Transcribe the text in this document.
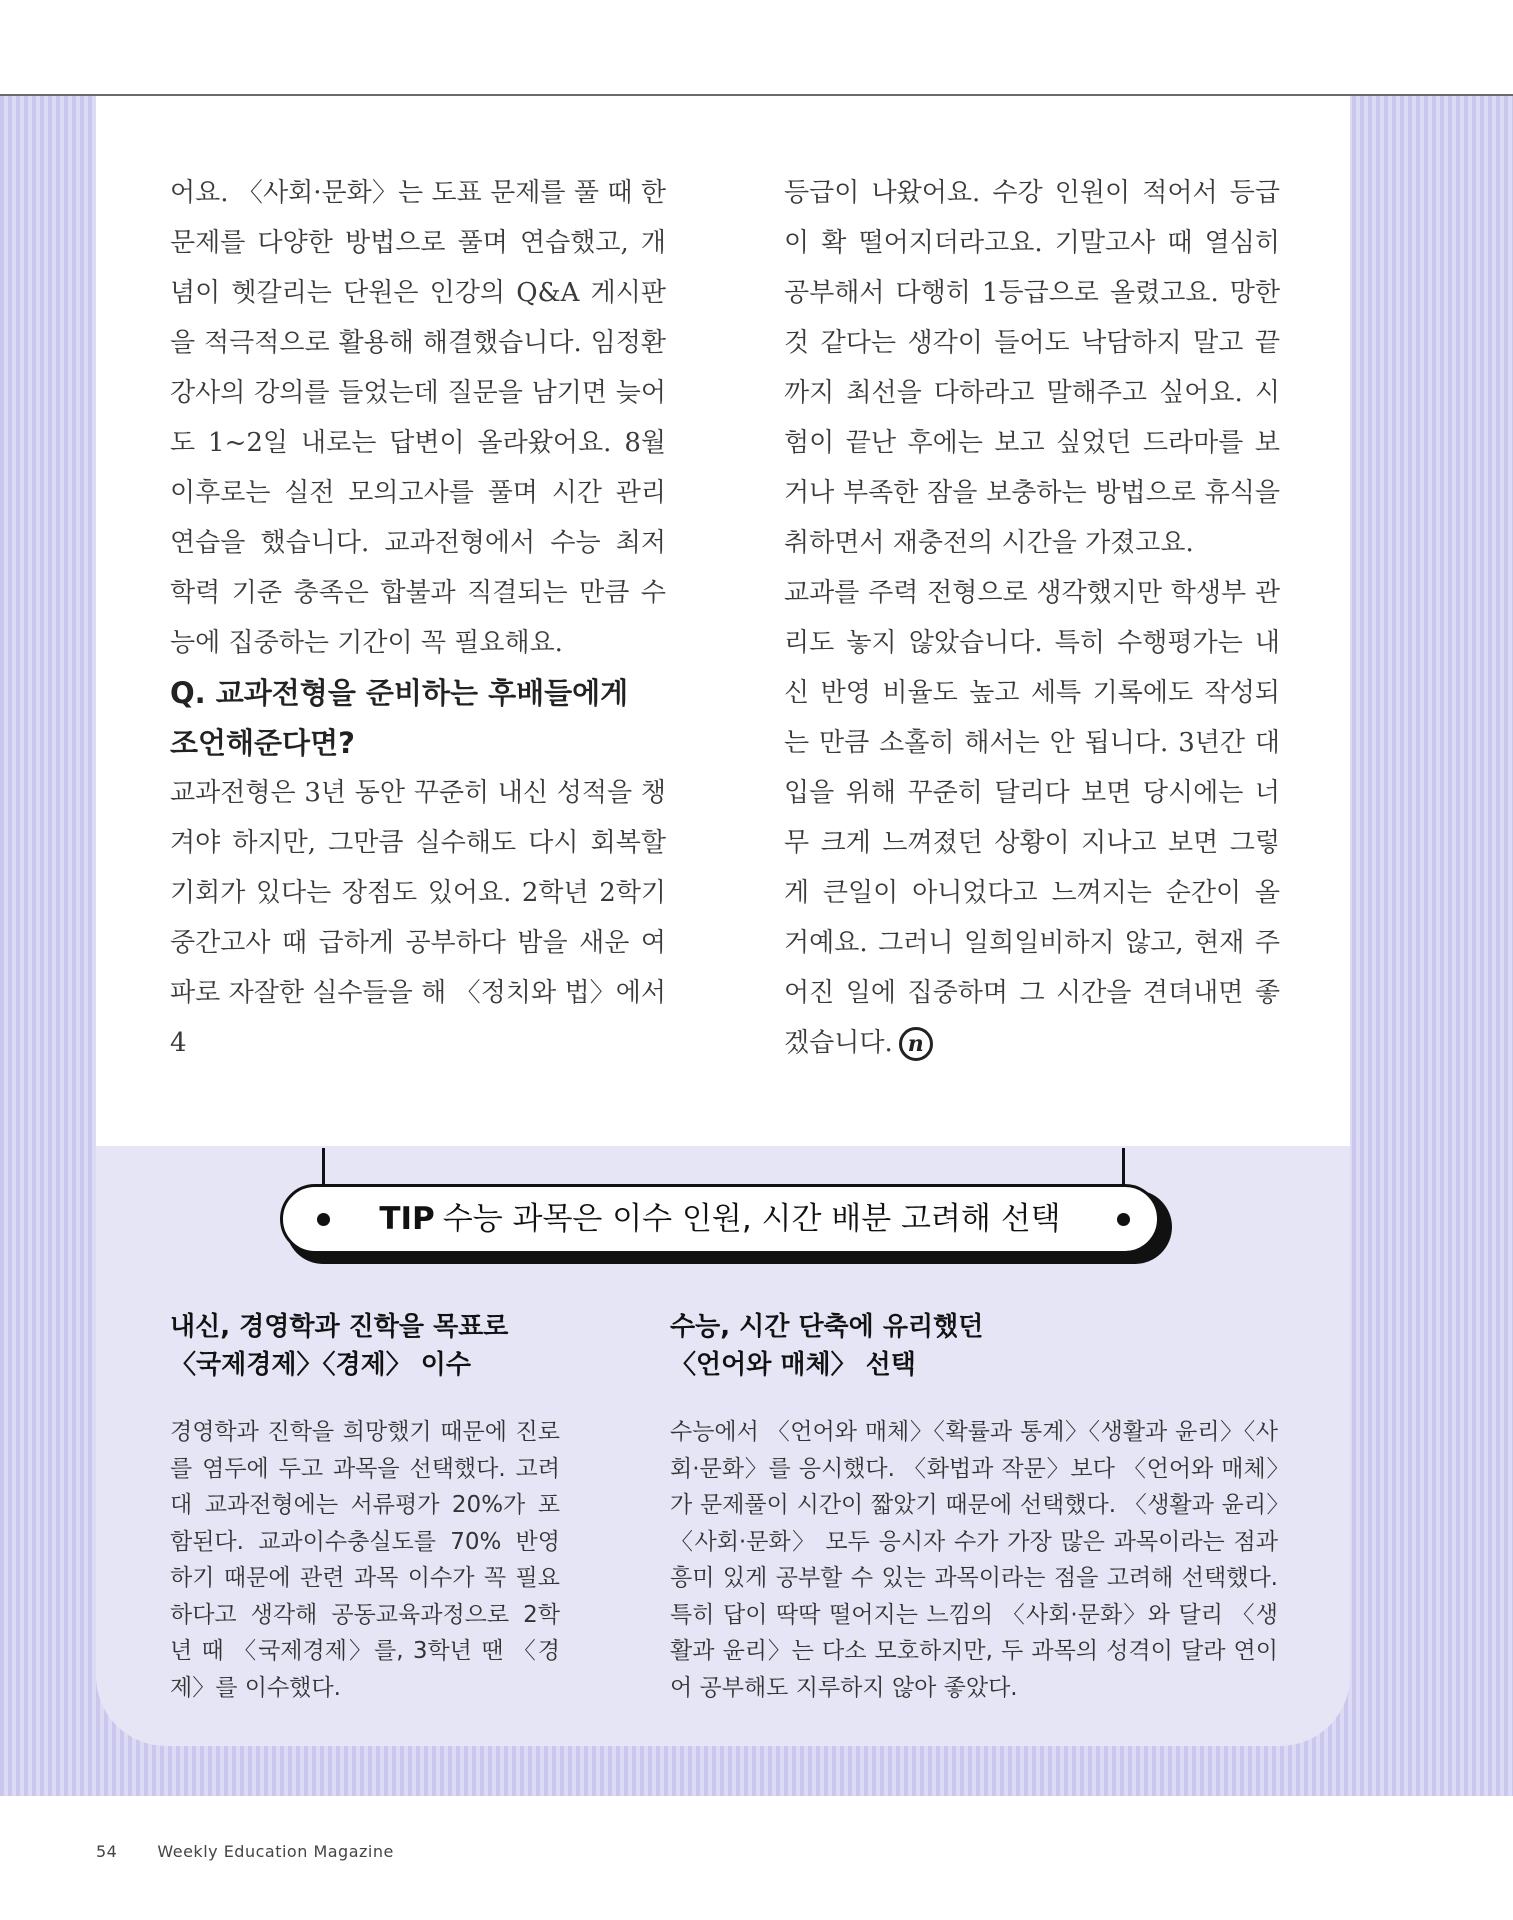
어요. 〈사회·문화〉는 도표 문제를 풀 때 한 문제를 다양한 방법으로 풀며 연습했고, 개념이 헷갈리는 단원은 인강의 Q&A 게시판을 적극적으로 활용해 해결했습니다. 임정환 강사의 강의를 들었는데 질문을 남기면 늦어도 1~2일 내로는 답변이 올라왔어요. 8월 이후로는 실전 모의고사를 풀며 시간 관리 연습을 했습니다. 교과전형에서 수능 최저 학력 기준 충족은 합불과 직결되는 만큼 수능에 집중하는 기간이 꼭 필요해요.

Q. 교과전형을 준비하는 후배들에게 조언해준다면?

교과전형은 3년 동안 꾸준히 내신 성적을 챙겨야 하지만, 그만큼 실수해도 다시 회복할 기회가 있다는 장점도 있어요. 2학년 2학기 중간고사 때 급하게 공부하다 밤을 새운 여파로 자잘한 실수들을 해 〈정치와 법〉에서 4

등급이 나왔어요. 수강 인원이 적어서 등급이 확 떨어지더라고요. 기말고사 때 열심히 공부해서 다행히 1등급으로 올렸고요. 망한 것 같다는 생각이 들어도 낙담하지 말고 끝까지 최선을 다하라고 말해주고 싶어요. 시험이 끝난 후에는 보고 싶었던 드라마를 보거나 부족한 잠을 보충하는 방법으로 휴식을 취하면서 재충전의 시간을 가졌고요.

교과를 주력 전형으로 생각했지만 학생부 관리도 놓지 않았습니다. 특히 수행평가는 내신 반영 비율도 높고 세특 기록에도 작성되는 만큼 소홀히 해서는 안 됩니다. 3년간 대입을 위해 꾸준히 달리다 보면 당시에는 너무 크게 느껴졌던 상황이 지나고 보면 그렇게 큰일이 아니었다고 느껴지는 순간이 올 거예요. 그러니 일희일비하지 않고, 현재 주어진 일에 집중하며 그 시간을 견뎌내면 좋겠습니다. n

TIP 수능 과목은 이수 인원, 시간 배분 고려해 선택
내신, 경영학과 진학을 목표로
〈국제경제〉〈경제〉 이수

경영학과 진학을 희망했기 때문에 진로를 염두에 두고 과목을 선택했다. 고려대 교과전형에는 서류평가 20%가 포함된다. 교과이수충실도를 70% 반영하기 때문에 관련 과목 이수가 꼭 필요하다고 생각해 공동교육과정으로 2학년 때 〈국제경제〉를, 3학년 땐 〈경제〉를 이수했다.

수능, 시간 단축에 유리했던
〈언어와 매체〉 선택

수능에서 〈언어와 매체〉〈확률과 통계〉〈생활과 윤리〉〈사회·문화〉를 응시했다. 〈화법과 작문〉보다 〈언어와 매체〉가 문제풀이 시간이 짧았기 때문에 선택했다. 〈생활과 윤리〉〈사회·문화〉 모두 응시자 수가 가장 많은 과목이라는 점과 흥미 있게 공부할 수 있는 과목이라는 점을 고려해 선택했다. 특히 답이 딱딱 떨어지는 느낌의 〈사회·문화〉와 달리 〈생활과 윤리〉는 다소 모호하지만, 두 과목의 성격이 달라 연이어 공부해도 지루하지 않아 좋았다.

54	Weekly Education Magazine
